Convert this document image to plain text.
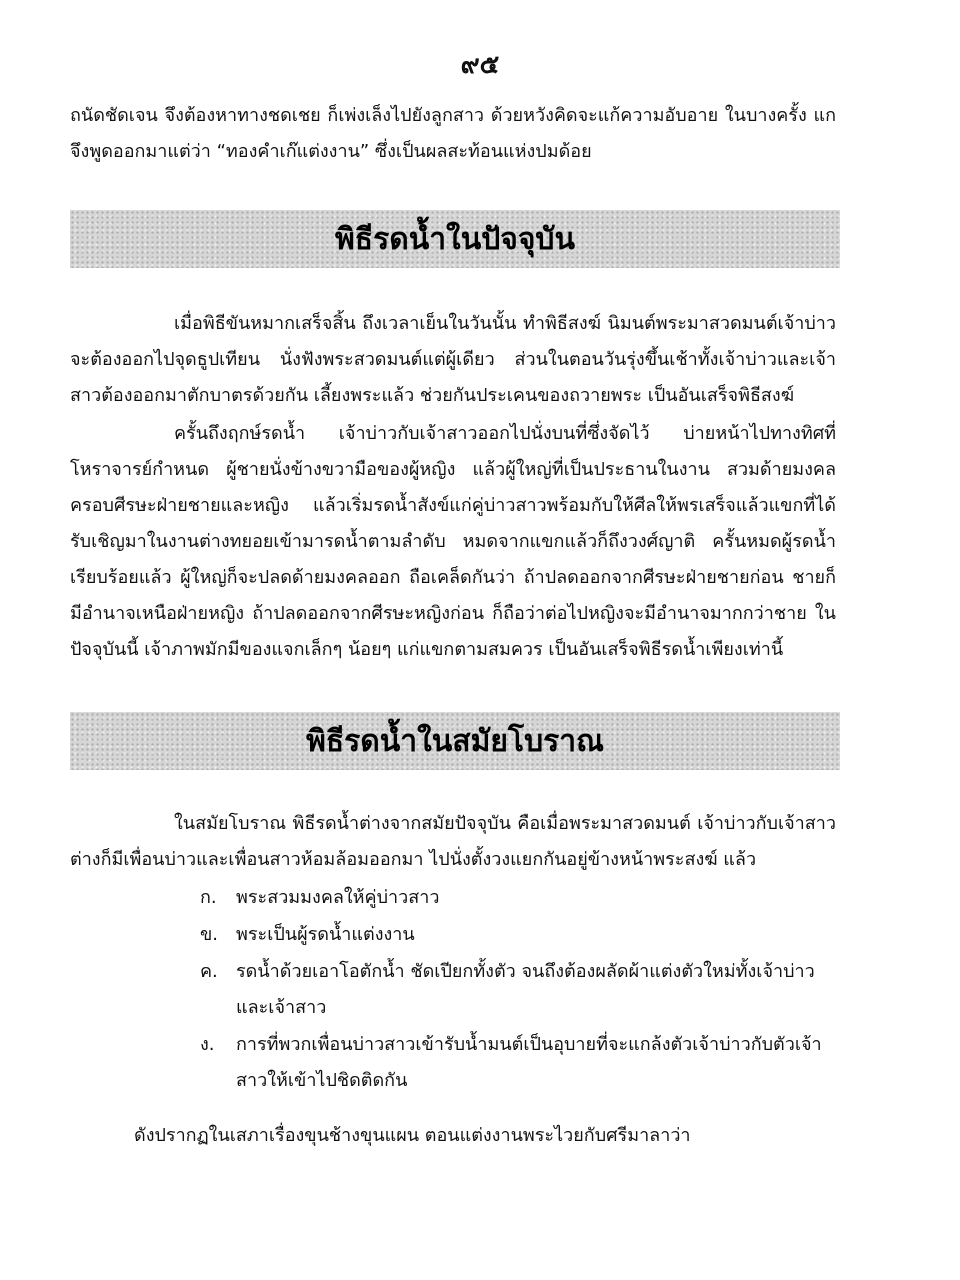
๙๕

ถนัดชัดเจน จึงต้องหาทางชดเชย ก็เพ่งเล็งไปยังลูกสาว ด้วยหวังคิดจะแก้ความอับอาย ในบางครั้ง แกจึงพูดออกมาแต่ว่า “ทองคำเก๊แต่งงาน” ซึ่งเป็นผลสะท้อนแห่งปมด้อย

พิธีรดน้ำในปัจจุบัน

เมื่อพิธีขันหมากเสร็จสิ้น ถึงเวลาเย็นในวันนั้น ทำพิธีสงฆ์ นิมนต์พระมาสวดมนต์เจ้าบ่าวจะต้องออกไปจุดธูปเทียน นั่งฟังพระสวดมนต์แต่ผู้เดียว ส่วนในตอนวันรุ่งขึ้นเช้าทั้งเจ้าบ่าวและเจ้าสาวต้องออกมาตักบาตรด้วยกัน เลี้ยงพระแล้ว ช่วยกันประเคนของถวายพระ เป็นอันเสร็จพิธีสงฆ์

ครั้นถึงฤกษ์รดน้ำ เจ้าบ่าวกับเจ้าสาวออกไปนั่งบนที่ซึ่งจัดไว้ บ่ายหน้าไปทางทิศที่โหราจารย์กำหนด ผู้ชายนั่งข้างขวามือของผู้หญิง แล้วผู้ใหญ่ที่เป็นประธานในงาน สวมด้ายมงคลครอบศีรษะฝ่ายชายและหญิง แล้วเริ่มรดน้ำสังข์แก่คู่บ่าวสาวพร้อมกับให้ศีลให้พรเสร็จแล้วแขกที่ได้รับเชิญมาในงานต่างทยอยเข้ามารดน้ำตามลำดับ หมดจากแขกแล้วก็ถึงวงศ์ญาติ ครั้นหมดผู้รดน้ำเรียบร้อยแล้ว ผู้ใหญ่ก็จะปลดด้ายมงคลออก ถือเคล็ดกันว่า ถ้าปลดออกจากศีรษะฝ่ายชายก่อน ชายก็มีอำนาจเหนือฝ่ายหญิง ถ้าปลดออกจากศีรษะหญิงก่อน ก็ถือว่าต่อไปหญิงจะมีอำนาจมากกว่าชาย ในปัจจุบันนี้ เจ้าภาพมักมีของแจกเล็กๆ น้อยๆ แก่แขกตามสมควร เป็นอันเสร็จพิธีรดน้ำเพียงเท่านี้

พิธีรดน้ำในสมัยโบราณ

ในสมัยโบราณ พิธีรดน้ำต่างจากสมัยปัจจุบัน คือเมื่อพระมาสวดมนต์ เจ้าบ่าวกับเจ้าสาวต่างก็มีเพื่อนบ่าวและเพื่อนสาวห้อมล้อมออกมา ไปนั่งตั้งวงแยกกันอยู่ข้างหน้าพระสงฆ์ แล้ว

ก.	พระสวมมงคลให้คู่บ่าวสาว
ข. พระเป็นผู้รดน้ำแต่งงาน
ค.	รดน้ำด้วยเอาโอตักน้ำ ชัดเปียกทั้งตัว จนถึงต้องผลัดผ้าแต่งตัวใหม่ทั้งเจ้าบ่าวและเจ้าสาว
ง.	การที่พวกเพื่อนบ่าวสาวเข้ารับน้ำมนต์เป็นอุบายที่จะแกล้งตัวเจ้าบ่าวกับตัวเจ้าสาวให้เข้าไปชิดติดกัน

ดังปรากฏในเสภาเรื่องขุนช้างขุนแผน ตอนแต่งงานพระไวยกับศรีมาลาว่า
